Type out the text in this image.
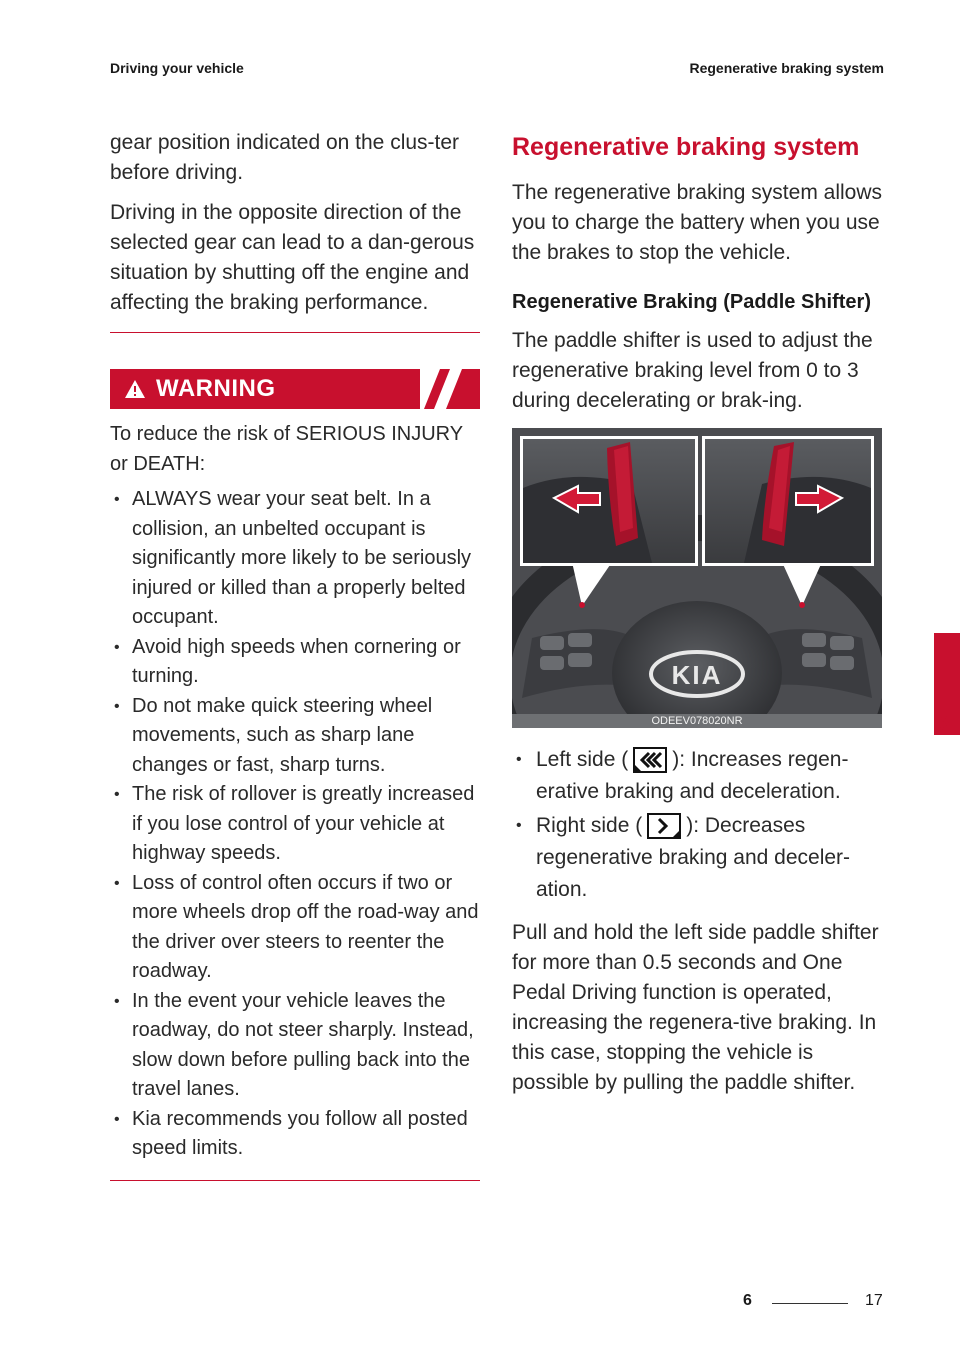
Driving your vehicle	Regenerative braking system

gear position indicated on the clus-ter before driving.

Driving in the opposite direction of the selected gear can lead to a dan-gerous situation by shutting off the engine and affecting the braking performance.

WARNING

To reduce the risk of SERIOUS INJURY or DEATH:

• ALWAYS wear your seat belt. In a collision, an unbelted occupant is significantly more likely to be seriously injured or killed than a properly belted occupant.
• Avoid high speeds when cornering or turning.
• Do not make quick steering wheel movements, such as sharp lane changes or fast, sharp turns.
• The risk of rollover is greatly increased if you lose control of your vehicle at highway speeds.
• Loss of control often occurs if two or more wheels drop off the road-way and the driver over steers to reenter the roadway.
• In the event your vehicle leaves the roadway, do not steer sharply. Instead, slow down before pulling back into the travel lanes.
• Kia recommends you follow all posted speed limits.
Regenerative braking system

The regenerative braking system allows you to charge the battery when you use the brakes to stop the vehicle.

Regenerative Braking (Paddle Shifter)

The paddle shifter is used to adjust the regenerative braking level from 0 to 3 during decelerating or brak-ing.

KIA
ODEEV078020NR
• Left side ( ): Increases regen-erative braking and deceleration.
• Right side ( ): Decreases regenerative braking and deceler-ation.

Pull and hold the left side paddle shifter for more than 0.5 seconds and One Pedal Driving function is operated, increasing the regenera-tive braking. In this case, stopping the vehicle is possible by pulling the paddle shifter.

6
6	17
